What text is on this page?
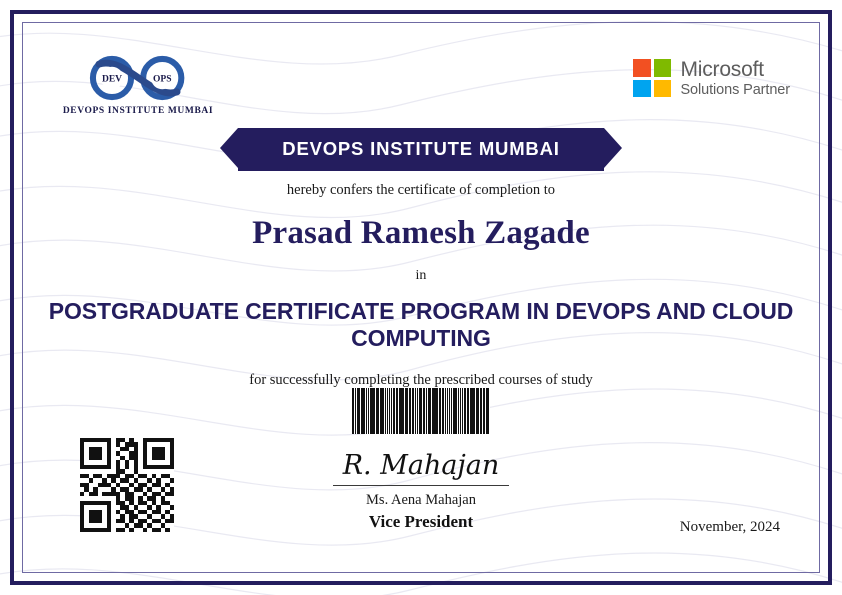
DEV	OPS
DEVOPS INSTITUTE MUMBAI
Microsoft
Solutions Partner
DEVOPS INSTITUTE MUMBAI
hereby confers the certificate of completion to
Prasad Ramesh Zagade
in
POSTGRADUATE CERTIFICATE PROGRAM IN DEVOPS AND CLOUD COMPUTING
for successfully completing the prescribed courses of study
R. Mahajan
Ms. Aena Mahajan
Vice President	November, 2024
